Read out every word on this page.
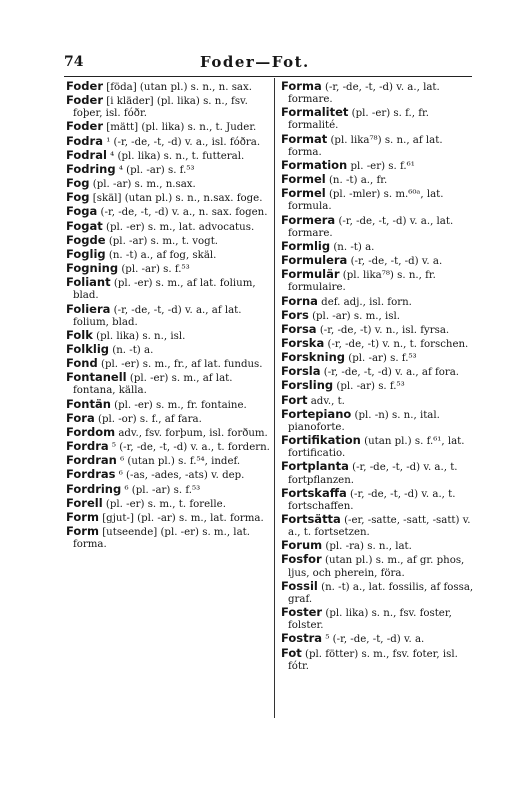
74	Foder—Fot.
Foder [föda] (utan pl.) s. n., n. sax.
Foder [i kläder] (pl. lika) s. n., fsv. foþer, isl. fóðr.
Foder [mätt] (pl. lika) s. n., t. Juder.
Fodra ¹ (-r, -de, -t, -d) v. a., isl. fóðra.
Fodral ⁴ (pl. lika) s. n., t. futteral.
Fodring ⁴ (pl. -ar) s. f.⁵³
Fog (pl. -ar) s. m., n.sax.
Fog [skäl] (utan pl.) s. n., n.sax. foge.
Foga (-r, -de, -t, -d) v. a., n. sax. fogen.
Fogat (pl. -er) s. m., lat. advocatus.
Fogde (pl. -ar) s. m., t. vogt.
Foglig (n. -t) a., af fog, skäl.
Fogning (pl. -ar) s. f.⁵³
Foliant (pl. -er) s. m., af lat. folium, blad.
Foliera (-r, -de, -t, -d) v. a., af lat. folium, blad.
Folk (pl. lika) s. n., isl.
Folklig (n. -t) a.
Fond (pl. -er) s. m., fr., af lat. fundus.
Fontanell (pl. -er) s. m., af lat. fontana, källa.
Fontän (pl. -er) s. m., fr. fontaine.
Fora (pl. -or) s. f., af fara.
Fordom adv., fsv. forþum, isl. forðum.
Fordra ⁵ (-r, -de, -t, -d) v. a., t. fordern.
Fordran ⁶ (utan pl.) s. f.⁵⁴, indef.
Fordras ⁶ (-as, -ades, -ats) v. dep.
Fordring ⁶ (pl. -ar) s. f.⁵³
Forell (pl. -er) s. m., t. forelle.
Form [gjut-] (pl. -ar) s. m., lat. forma.
Form [utseende] (pl. -er) s. m., lat. forma.
Forma (-r, -de, -t, -d) v. a., lat. formare.
Formalitet (pl. -er) s. f., fr. formalité.
Format (pl. lika⁷⁸) s. n., af lat. forma.
Formation pl. -er) s. f.⁶¹
Formel (n. -t) a., fr.
Formel (pl. -mler) s. m.⁶⁰ᵃ, lat. formula.
Formera (-r, -de, -t, -d) v. a., lat. formare.
Formlig (n. -t) a.
Formulera (-r, -de, -t, -d) v. a.
Formulär (pl. lika⁷⁸) s. n., fr. formulaire.
Forna def. adj., isl. forn.
Fors (pl. -ar) s. m., isl.
Forsa (-r, -de, -t) v. n., isl. fyrsa.
Forska (-r, -de, -t) v. n., t. forschen.
Forskning (pl. -ar) s. f.⁵³
Forsla (-r, -de, -t, -d) v. a., af fora.
Forsling (pl. -ar) s. f.⁵³
Fort adv., t.
Fortepiano (pl. -n) s. n., ital. pianoforte.
Fortifikation (utan pl.) s. f.⁶¹, lat. fortificatio.
Fortplanta (-r, -de, -t, -d) v. a., t. fortpflanzen.
Fortskaffa (-r, -de, -t, -d) v. a., t. fortschaffen.
Fortsätta (-er, -satte, -satt, -satt) v. a., t. fortsetzen.
Forum (pl. -ra) s. n., lat.
Fosfor (utan pl.) s. m., af gr. phos, ljus, och pherein, föra.
Fossil (n. -t) a., lat. fossilis, af fossa, graf.
Foster (pl. lika) s. n., fsv. foster, folster.
Fostra ⁵ (-r, -de, -t, -d) v. a.
Fot (pl. fötter) s. m., fsv. foter, isl. fótr.
